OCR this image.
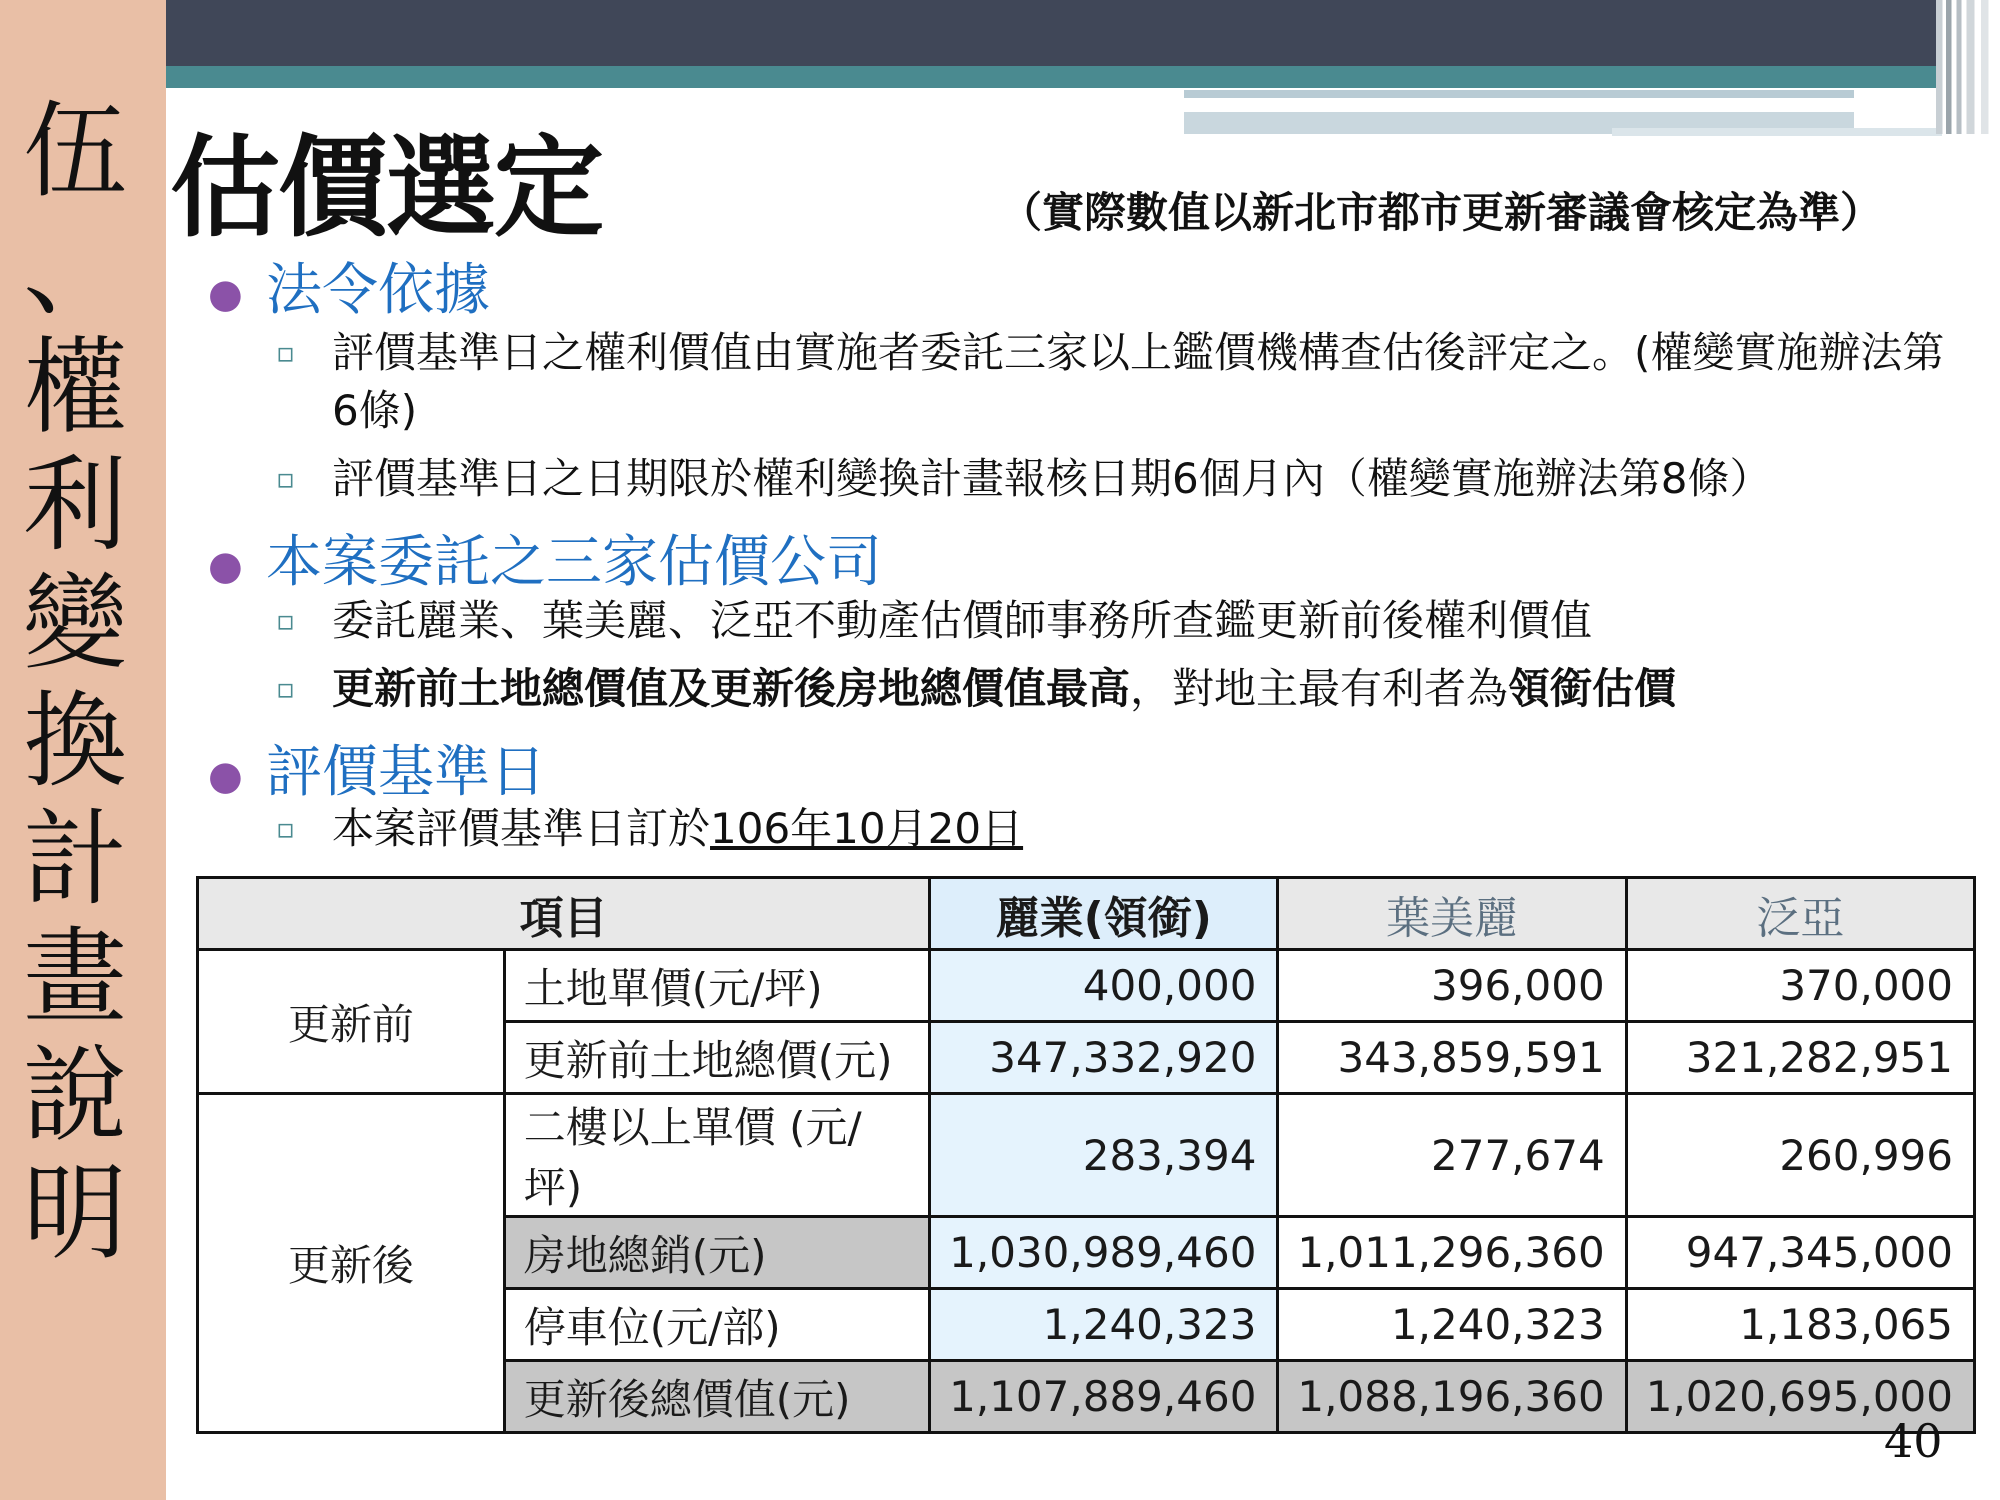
伍
、
權
利
變
換
計
畫
說
明
估價選定	（實際數值以新北市都市更新審議會核定為準）
● 法令依據
▫ 評價基準日之權利價值由實施者委託三家以上鑑價機構查估後評定之。(權變實施辦法第6條)
▫ 評價基準日之日期限於權利變換計畫報核日期6個月內（權變實施辦法第8條）
● 本案委託之三家估價公司
▫ 委託麗業、葉美麗、泛亞不動產估價師事務所查鑑更新前後權利價值
▫ 更新前土地總價值及更新後房地總價值最高，對地主最有利者為領銜估價
● 評價基準日
▫ 本案評價基準日訂於106年10月20日
項目		麗業(領銜)	葉美麗	泛亞
更新前	土地單價(元/坪)	400,000	396,000	370,000
	更新前土地總價(元)	347,332,920	343,859,591	321,282,951
更新後	二樓以上單價 (元/坪)	283,394	277,674	260,996
	房地總銷(元)	1,030,989,460	1,011,296,360	947,345,000
	停車位(元/部)	1,240,323	1,240,323	1,183,065
	更新後總價值(元)	1,107,889,460	1,088,196,360	1,020,695,000
40
